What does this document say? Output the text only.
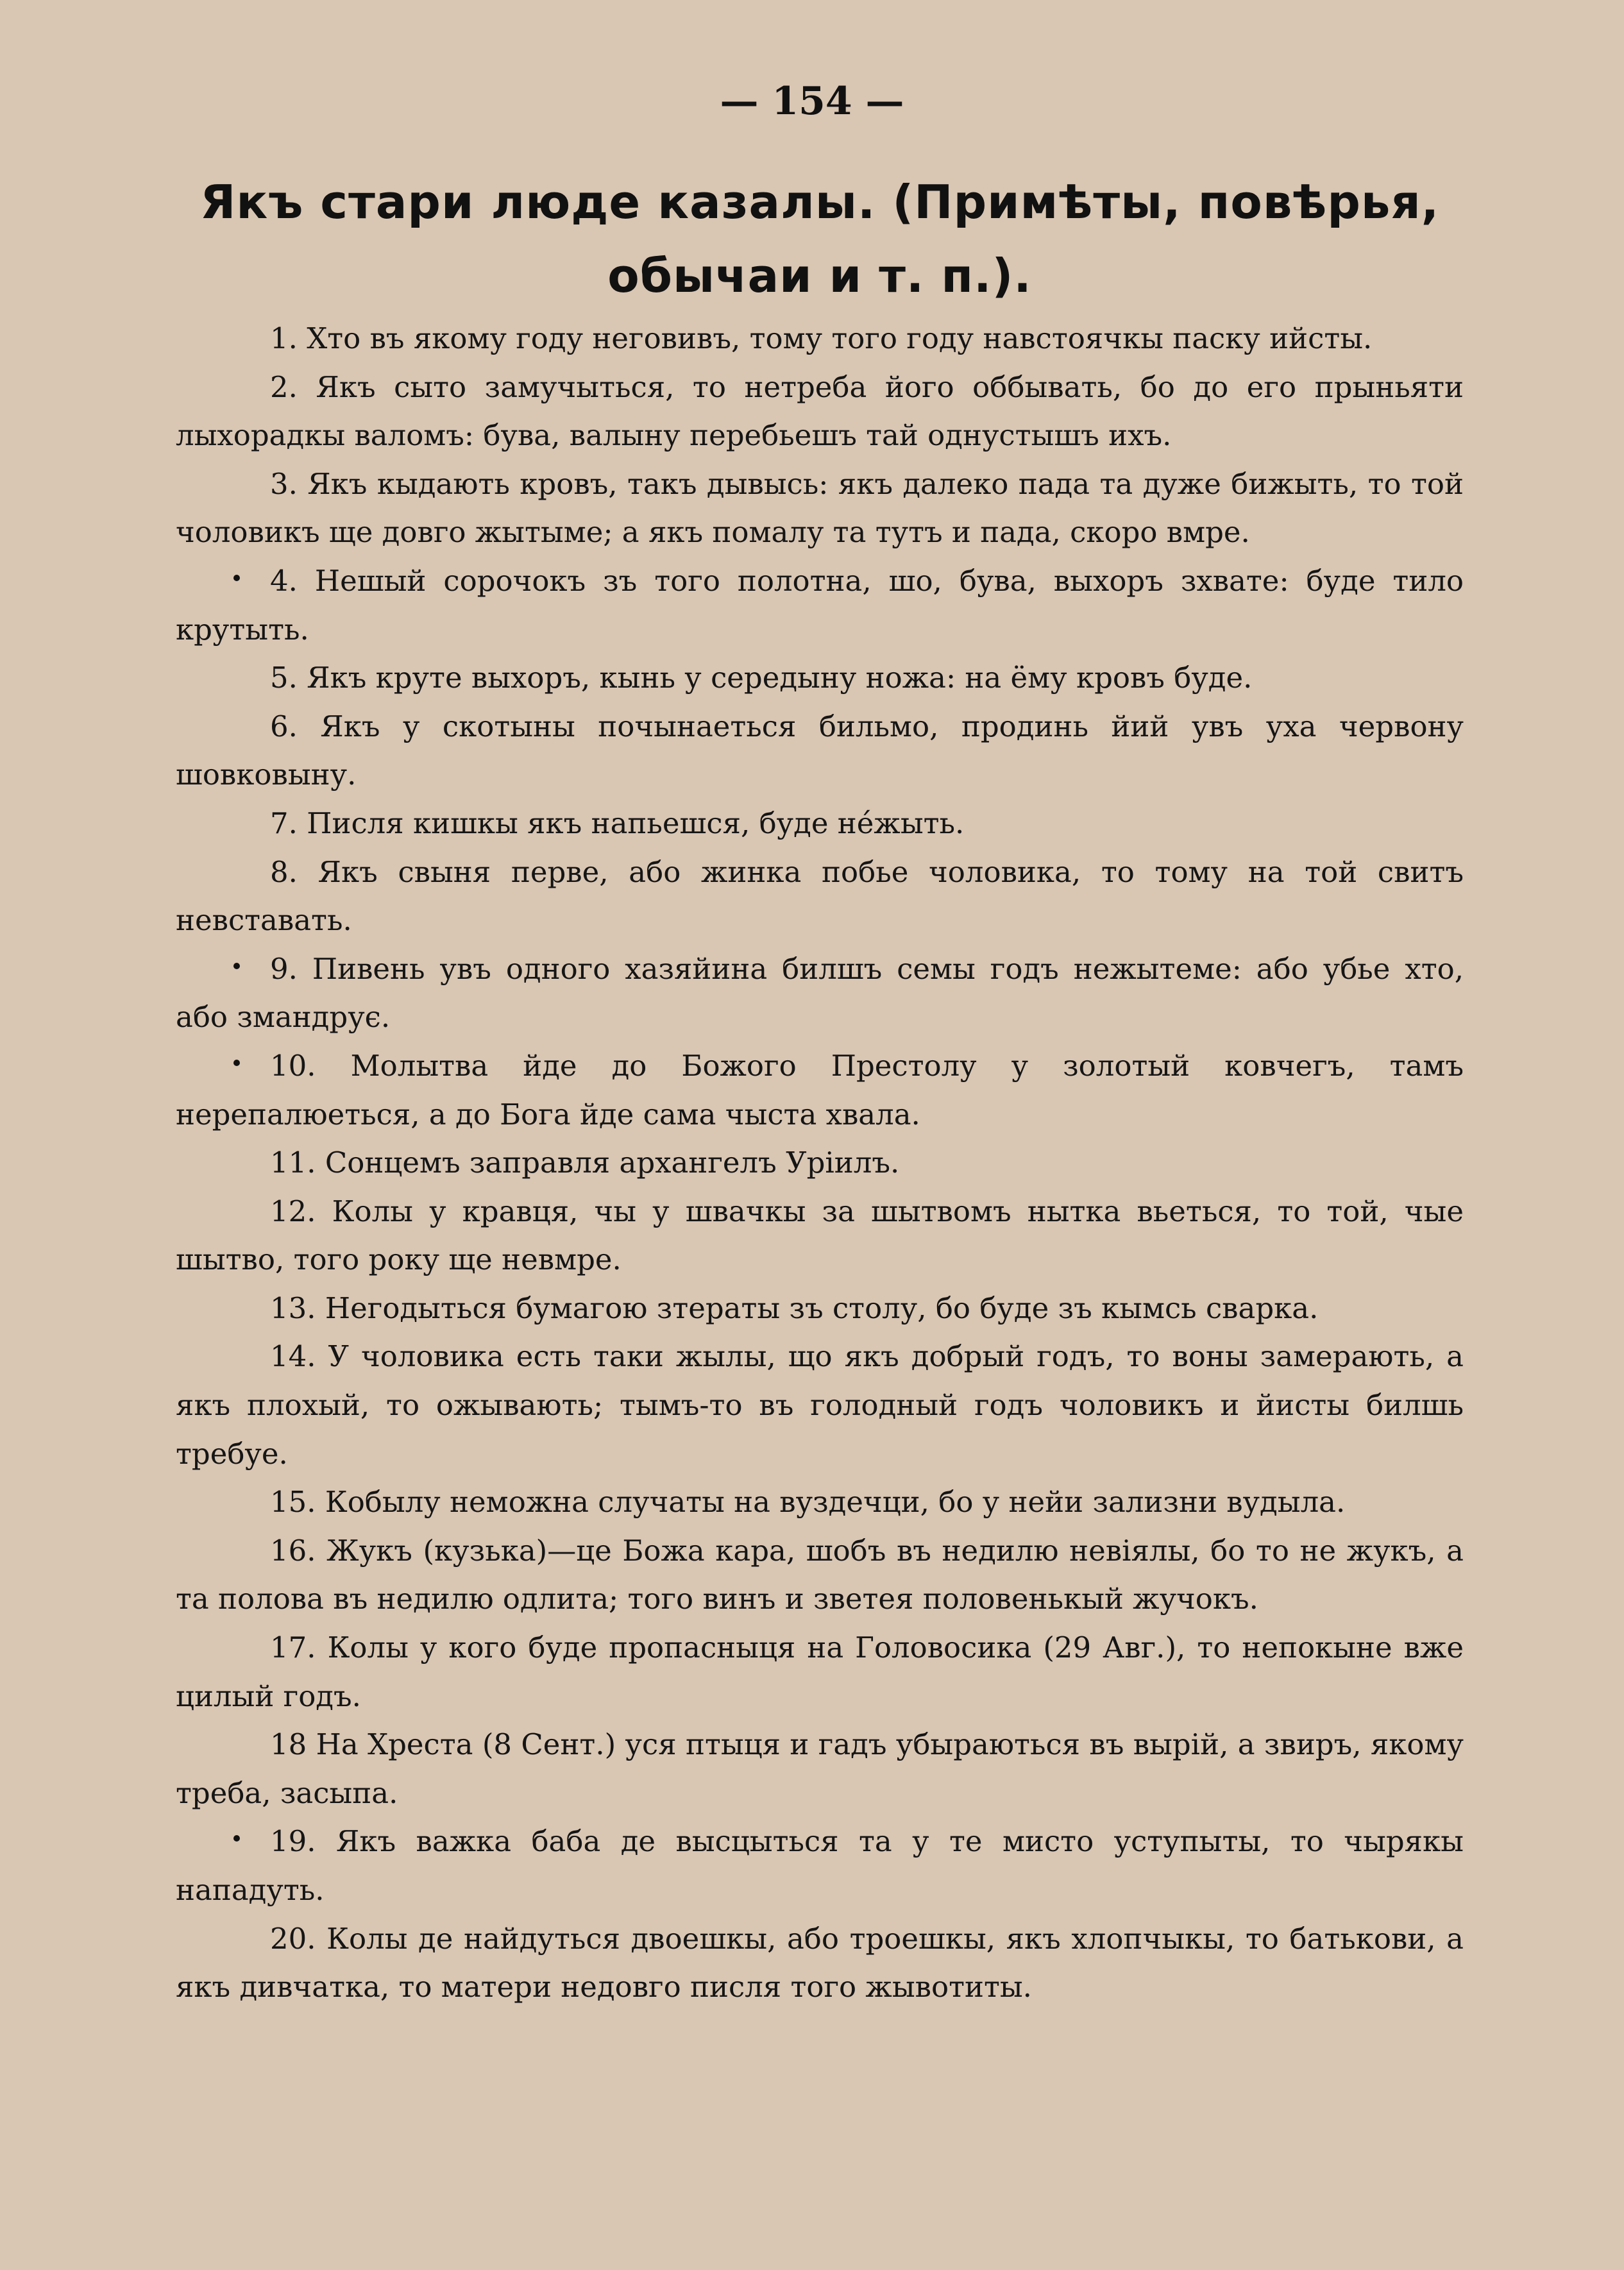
— 154 —
Якъ стари люде казалы. (Примѣты, повѣрья, обычаи и т. п.).

1. Хто въ якому году неговивъ, тому того году навстоячкы паску ийсты.

2. Якъ сыто замучыться, то нетреба його оббывать, бо до его прыньяти лыхорадкы валомъ: бува, валыну перебьешъ тай однустышъ ихъ.

3. Якъ кыдають кровъ, такъ дывысь: якъ далеко пада та дуже бижыть, то той чоловикъ ще довго жытыме; а якъ помалу та тутъ и пада, скоро вмре.

4. Нешый сорочокъ зъ того полотна, шо, бува, выхоръ зхвате: буде тило крутыть.

5. Якъ круте выхоръ, кынь у середыну ножа: на ёму кровъ буде.

6. Якъ у скотыны почынаеться бильмо, продинь йий увъ уха червону шовковыну.

7. Писля кишкы якъ напьешся, буде нéжыть.

8. Якъ свыня перве, або жинка побье чоловика, то тому на той свитъ невставать.

9. Пивень увъ одного хазяйина билшъ семы годъ нежытеме: або убье хто, або змандрує.

10. Молытва йде до Божого Престолу у золотый ковчегъ, тамъ нерепалюеться, а до Бога йде сама чыста хвала.

11. Сонцемъ заправля архангелъ Уріилъ.

12. Колы у кравця, чы у швачкы за шытвомъ нытка вьеться, то той, чые шытво, того року ще невмре.

13. Негодыться бумагою зтераты зъ столу, бо буде зъ кымсь сварка.

14. У чоловика есть таки жылы, що якъ добрый годъ, то воны замерають, а якъ плохый, то ожывають; тымъ-то въ голодный годъ чоловикъ и йисты билшь требуе.

15. Кобылу неможна случаты на вуздечци, бо у нейи зализни вудыла.

16. Жукъ (кузька)—це Божа кара, шобъ въ недилю невіялы, бо то не жукъ, а та полова въ недилю одлита; того винъ и зветея половенькый жучокъ.

17. Колы у кого буде пропасныця на Головосика (29 Авг.), то непокыне вже цилый годъ.

18 На Хреста (8 Сент.) уся птыця и гадъ убыраються въ вырій, а звиръ, якому треба, засыпа.

19. Якъ важка баба де высцыться та у те мисто уступыты, то чырякы нападуть.

20. Колы де найдуться двоешкы, або троешкы, якъ хлопчыкы, то батькови, а якъ дивчатка, то матери недовго писля того жывотиты.
